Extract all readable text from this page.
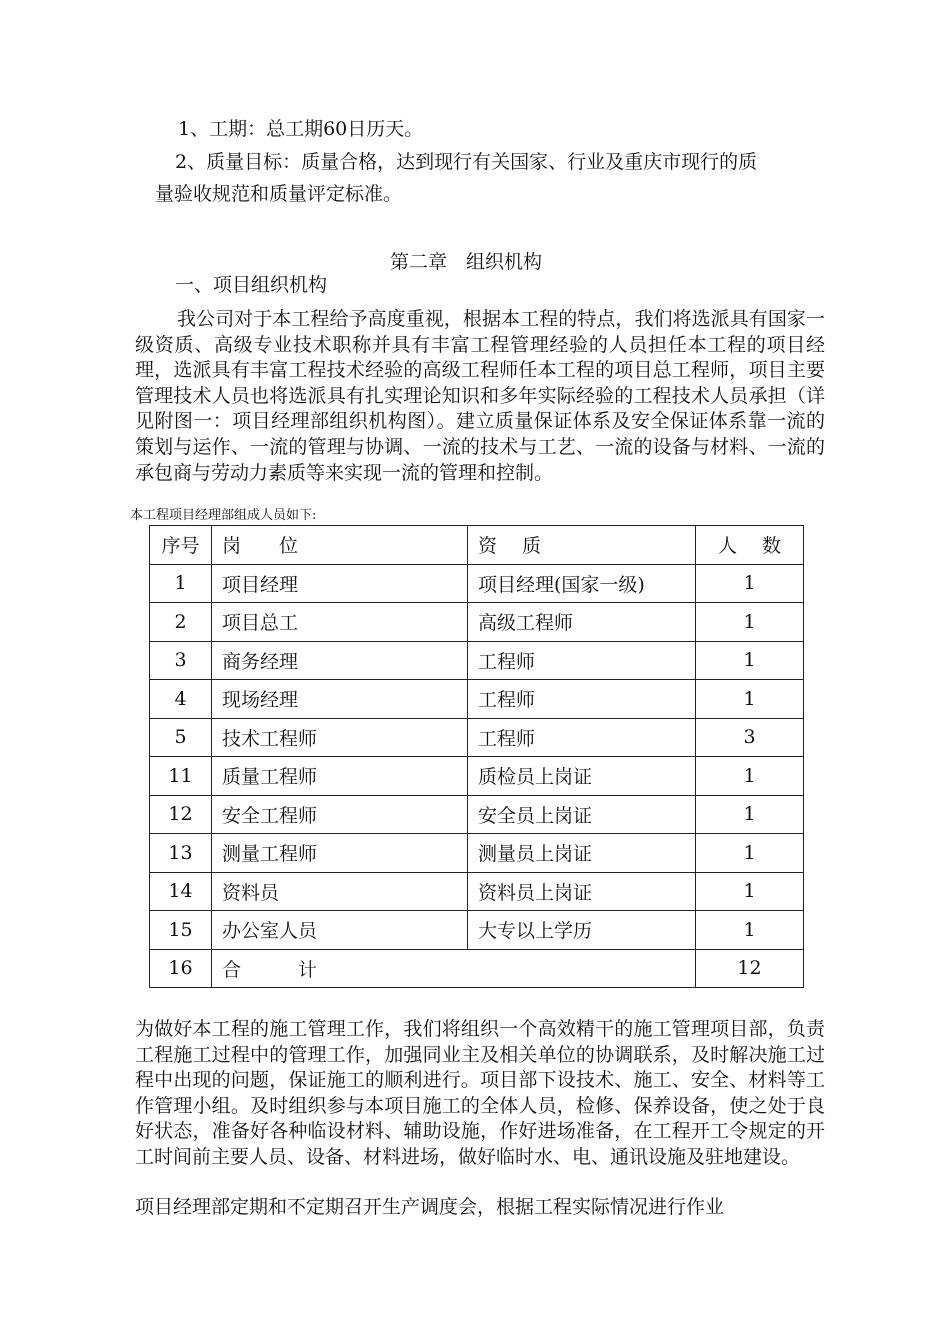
1、工期：总工期60日历天。
2、质量目标：质量合格，达到现行有关国家、行业及重庆市现行的质
量验收规范和质量评定标准。
第二章　组织机构
一、项目组织机构
我公司对于本工程给予高度重视，根据本工程的特点，我们将选派具有国家一级资质、高级专业技术职称并具有丰富工程管理经验的人员担任本工程的项目经理，选派具有丰富工程技术经验的高级工程师任本工程的项目总工程师，项目主要管理技术人员也将选派具有扎实理论知识和多年实际经验的工程技术人员承担（详见附图一：项目经理部组织机构图）。建立质量保证体系及安全保证体系靠一流的策划与运作、一流的管理与协调、一流的技术与工艺、一流的设备与材料、一流的承包商与劳动力素质等来实现一流的管理和控制。
本工程项目经理部组成人员如下:
序号	岗　　位	资　 质	人　 数
1	项目经理	项目经理(国家一级)	1
2	项目总工	高级工程师	1
3	商务经理	工程师	1
4	现场经理	工程师	1
5	技术工程师	工程师	3
11	质量工程师	质检员上岗证	1
12	安全工程师	安全员上岗证	1
13	测量工程师	测量员上岗证	1
14	资料员	资料员上岗证	1
15	办公室人员	大专以上学历	1
16	合　　　计		12
为做好本工程的施工管理工作，我们将组织一个高效精干的施工管理项目部，负责工程施工过程中的管理工作，加强同业主及相关单位的协调联系，及时解决施工过程中出现的问题，保证施工的顺利进行。项目部下设技术、施工、安全、材料等工作管理小组。及时组织参与本项目施工的全体人员，检修、保养设备，使之处于良好状态，准备好各种临设材料、辅助设施，作好进场准备，在工程开工令规定的开工时间前主要人员、设备、材料进场，做好临时水、电、通讯设施及驻地建设。
项目经理部定期和不定期召开生产调度会，根据工程实际情况进行作业
